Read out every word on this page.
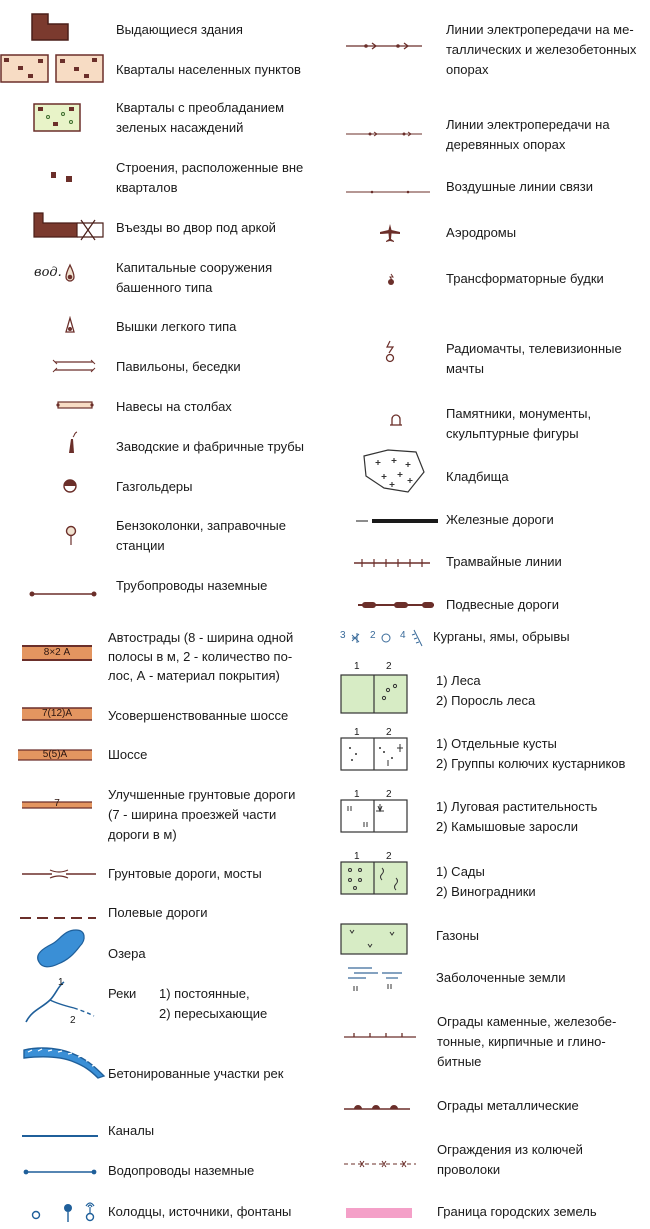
Выдающиеся здания
Кварталы населенных пунктов
Кварталы с преобладанием
зеленых насаждений
Строения, расположенные вне
кварталов
Въезды во двор под аркой
вод.	Капитальные сооружения
башенного типа
Вышки легкого типа
Павильоны, беседки
Навесы на столбах
Заводские и фабричные трубы
Газгольдеры
Бензоколонки, заправочные
станции
Трубопроводы наземные
8×2 А
Автострады (8 - ширина одной
полосы в м, 2 - количество по-
лос, А - материал покрытия)
7(12)А	Усовершенствованные шоссе
5(5)А	Шоссе
7
Улучшенные грунтовые дороги
(7 - ширина проезжей части
дороги в м)
Грунтовые дороги, мосты
Полевые дороги
Озера
1
2
Реки 1) постоянные,
2) пересыхающие
Бетонированные участки рек
Каналы
Водопроводы наземные
Колодцы, источники, фонтаны
Линии электропередачи на ме-
таллических и железобетонных
опорах
Линии электропередачи на
деревянных опорах
Воздушные линии связи
Аэродромы
Трансформаторные будки
Радиомачты, телевизионные
мачты
Памятники, монументы,
скульптурные фигуры
Кладбища
Железные дороги
Трамвайные линии
Подвесные дороги
3 2 4 Курганы, ямы, обрывы
1	2
1) Леса
2) Поросль леса
1	2
1) Отдельные кусты
2) Группы колючих кустарников
1	2
1) Луговая растительность
2) Камышовые заросли
1	2
1) Сады
2) Виноградники
Газоны
Заболоченные земли
Ограды каменные, железобе-
тонные, кирпичные и глино-
битные
Ограды металлические
Ограждения из колючей
проволоки
Граница городских земель
